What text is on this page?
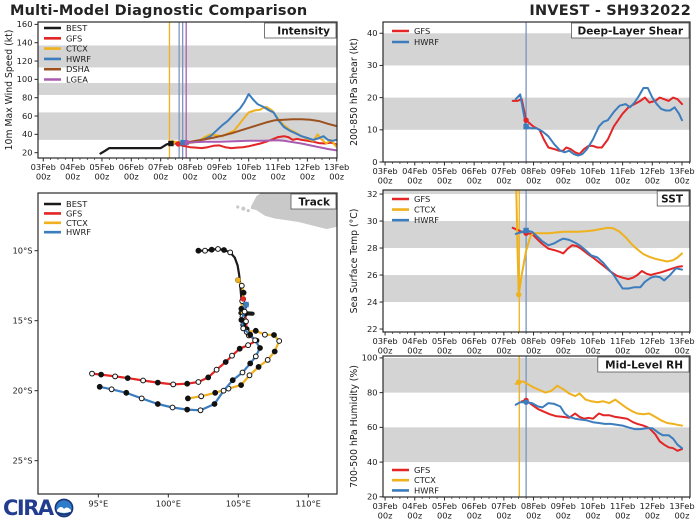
Multi-Model Diagnostic Comparison	INVEST - SH932022
03Feb
00z
04Feb
00z
05Feb
00z
06Feb
00z
07Feb
00z
08Feb
00z
09Feb
00z
10Feb
00z
11Feb
00z
12Feb
00z
13Feb
00z
20
40
60
80
100
120
140
160
10m Max Wind Speed (kt)	Intensity
BEST
GFS
CTCX
HWRF
DSHA
LGEA
95°E	100°E	105°E	110°E
10°S
15°S
20°S
25°S
Track
BEST
GFS
CTCX
HWRF
03Feb
00z
04Feb
00z
05Feb
00z
06Feb
00z
07Feb
00z
08Feb
00z
09Feb
00z
10Feb
00z
11Feb
00z
12Feb
00z
13Feb
00z
0
10
20
30
40
200-850 hPa Shear (kt)
Deep-Layer Shear
GFS
HWRF
03Feb
00z
04Feb
00z
05Feb
00z
06Feb
00z
07Feb
00z
08Feb
00z
09Feb
00z
10Feb
00z
11Feb
00z
12Feb
00z
13Feb
00z
22
24
26
28
30
32
Sea Surface Temp (°C)
SST
GFS
CTCX
HWRF
03Feb
00z
04Feb
00z
05Feb
00z
06Feb
00z
07Feb
00z
08Feb
00z
09Feb
00z
10Feb
00z
11Feb
00z
12Feb
00z
13Feb
00z
20
40
60
80
100
700-500 hPa Humidity (%)	Mid-Level RH
GFS
CTCX
HWRF
CIRA
